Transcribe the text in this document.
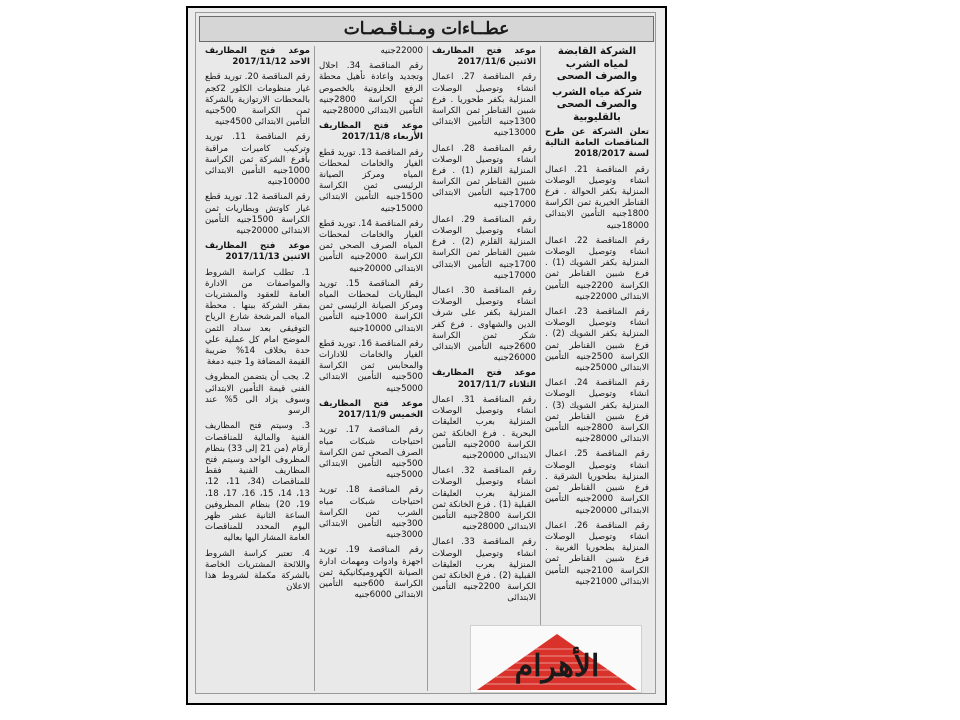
عطــاءات ومـنـاقـصـات

الشركة القابضة لمياه الشرب والصرف الصحى

شركة مياه الشرب والصرف الصحى بالقليوبية

تعلن الشركة عن طرح المناقصات العامة التالية لسنة 2018/2017

رقم المناقصة 21. اعمال انشاء وتوصيل الوصلات المنزلية بكفر الحوالة . فرع القناطر الخيرية ثمن الكراسة 1800جنيه التأمين الابتدائى 18000جنيه

رقم المناقصة 22. اعمال انشاء وتوصيل الوصلات المنزلية بكفر الشويك (1) . فرع شبين القناطر ثمن الكراسة 2200جنيه التأمين الابتدائى 22000جنيه

رقم المناقصة 23. اعمال انشاء وتوصيل الوصلات المنزلية بكفر الشويك (2) . فرع شبين القناطر ثمن الكراسة 2500جنيه التأمين الابتدائى 25000جنيه

رقم المناقصة 24. اعمال انشاء وتوصيل الوصلات المنزلية بكفر الشويك (3) . فرع شبين القناطر ثمن الكراسة 2800جنيه التأمين الابتدائى 28000جنيه

رقم المناقصة 25. اعمال انشاء وتوصيل الوصلات المنزلية بطحوريا الشرقية . فرع شبين القناطر ثمن الكراسة 2000جنيه التأمين الابتدائى 20000جنيه

رقم المناقصة 26. اعمال انشاء وتوصيل الوصلات المنزلية بطحوريا الغربية . فرع شبين القناطر ثمن الكراسة 2100جنيه التأمين الابتدائى 21000جنيه

موعد فتح المظاريف الاثنين 2017/11/6

رقم المناقصة 27. اعمال انشاء وتوصيل الوصلات المنزلية بكفر طحوريا . فرع شبين القناطر ثمن الكراسة 1300جنيه التأمين الابتدائى 13000جنيه

رقم المناقصة 28. اعمال انشاء وتوصيل الوصلات المنزلية القلزم (1) . فرع شبين القناطر ثمن الكراسة 1700جنيه التأمين الابتدائى 17000جنيه

رقم المناقصة 29. اعمال انشاء وتوصيل الوصلات المنزلية القلزم (2) . فرع شبين القناطر ثمن الكراسة 1700جنيه التأمين الابتدائى 17000جنيه

رقم المناقصة 30. اعمال انشاء وتوصيل الوصلات المنزلية بكفر على شرف الدين والشهاوى . فرع كفر شكر ثمن الكراسة 2600جنيه التأمين الابتدائى 26000جنيه

موعد فتح المظاريف الثلاثاء 2017/11/7

رقم المناقصة 31. اعمال انشاء وتوصيل الوصلات المنزلية بعرب العليقات البحرية . فرع الخانكة ثمن الكراسة 2000جنيه التأمين الابتدائى 20000جنيه

رقم المناقصة 32. اعمال انشاء وتوصيل الوصلات المنزلية بعرب العليقات القبلية (1) . فرع الخانكة ثمن الكراسة 2800جنيه التأمين الابتدائى 28000جنيه

رقم المناقصة 33. اعمال انشاء وتوصيل الوصلات المنزلية بعرب العليقات القبلية (2) . فرع الخانكة ثمن الكراسة 2200جنيه التأمين الابتدائى

22000جنيه

رقم المناقصة 34. احلال وتجديد واعادة تأهيل محطة الرفع الحلزونية بالخصوص ثمن الكراسة 2800جنيه التأمين الابتدائى 28000جنيه

موعد فتح المظاريف الأربعاء 2017/11/8

رقم المناقصة 13. توريد قطع الغيار والخامات لمحطات المياه ومركز الصيانة الرئيسى ثمن الكراسة 1500جنيه التأمين الابتدائى 15000جنيه

رقم المناقصة 14. توريد قطع الغيار والخامات لمحطات المياه الصرف الصحى ثمن الكراسة 2000جنيه التأمين الابتدائى 20000جنيه

رقم المناقصة 15. توريد البطاريات لمحطات المياه ومركز الصيانة الرئيسى ثمن الكراسة 1000جنيه التأمين الابتدائى 10000جنيه

رقم المناقصة 16. توريد قطع الغيار والخامات للادارات والمحابس ثمن الكراسة 500جنيه التأمين الابتدائى 5000جنيه

موعد فتح المظاريف الخميس 2017/11/9

رقم المناقصة 17. توريد احتياجات شبكات مياه الصرف الصحى ثمن الكراسة 500جنيه التأمين الابتدائى 5000جنيه

رقم المناقصة 18. توريد احتياجات شبكات مياه الشرب ثمن الكراسة 300جنيه التأمين الابتدائى 3000جنيه

رقم المناقصة 19. توريد اجهزة وادوات ومهمات ادارة الصيانة الكهروميكانيكية ثمن الكراسة 600جنيه التأمين الابتدائى 6000جنيه

موعد فتح المظاريف الاحد 2017/11/12

رقم المناقصة 20. توريد قطع غيار منظومات الكلور 2كجم بالمحطات الارتوازية بالشركة ثمن الكراسة 500جنيه التأمين الابتدائى 4500جنيه

رقم المناقصة 11. توريد وتركيب كاميرات مراقبة بأفرع الشركة ثمن الكراسة 1000جنيه التأمين الابتدائى 10000جنيه

رقم المناقصة 12. توريد قطع غيار كاوتش وبطاريات ثمن الكراسة 1500جنيه التأمين الابتدائى 20000جنيه

موعد فتح المظاريف الاثنين 2017/11/13

1. تطلب كراسة الشروط والمواصفات من الادارة العامة للعقود والمشتريات بمقر الشركة ببنها . محطة المياه المرشحة شارع الرياح التوفيقى بعد سداد الثمن الموضح امام كل عملية علي حدة بخلاف 14% ضريبة القيمة المضافة و1 جنيه دمغة

2. يجب أن يتضمن المظروف الفنى قيمة التأمين الابتدائى وسوف يزاد الى 5% عند الرسو

3. وسيتم فتح المظاريف الفنية والمالية للمناقصات أرقام (من 21 إلى 33) بنظام المظروف الواحد وسيتم فتح المظاريف الفنية فقط للمناقصات (34، 11، 12، 13، 14، 15، 16، 17، 18، 19، 20) بنظام المظروفين الساعة الثانية عشر ظهر اليوم المحدد للمناقصات العامة المشار اليها بعاليه

4. تعتبر كراسة الشروط واللائحة المشتريات الخاصة بالشركة مكملة لشروط هذا الاعلان

الأهرام
